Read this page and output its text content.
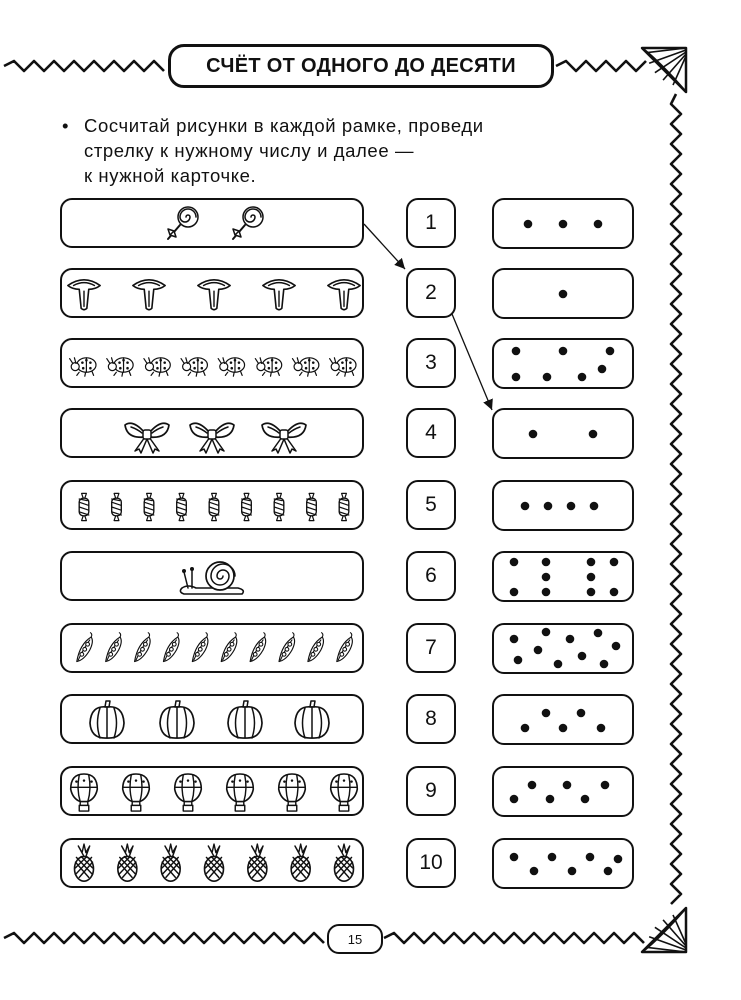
СЧЁТ ОТ ОДНОГО ДО ДЕСЯТИ
• Сосчитай рисунки в каждой рамке, проведи
стрелку к нужному числу и далее —
к нужной карточке.
1
2
3
4
5
6
7
8
9
10
15
